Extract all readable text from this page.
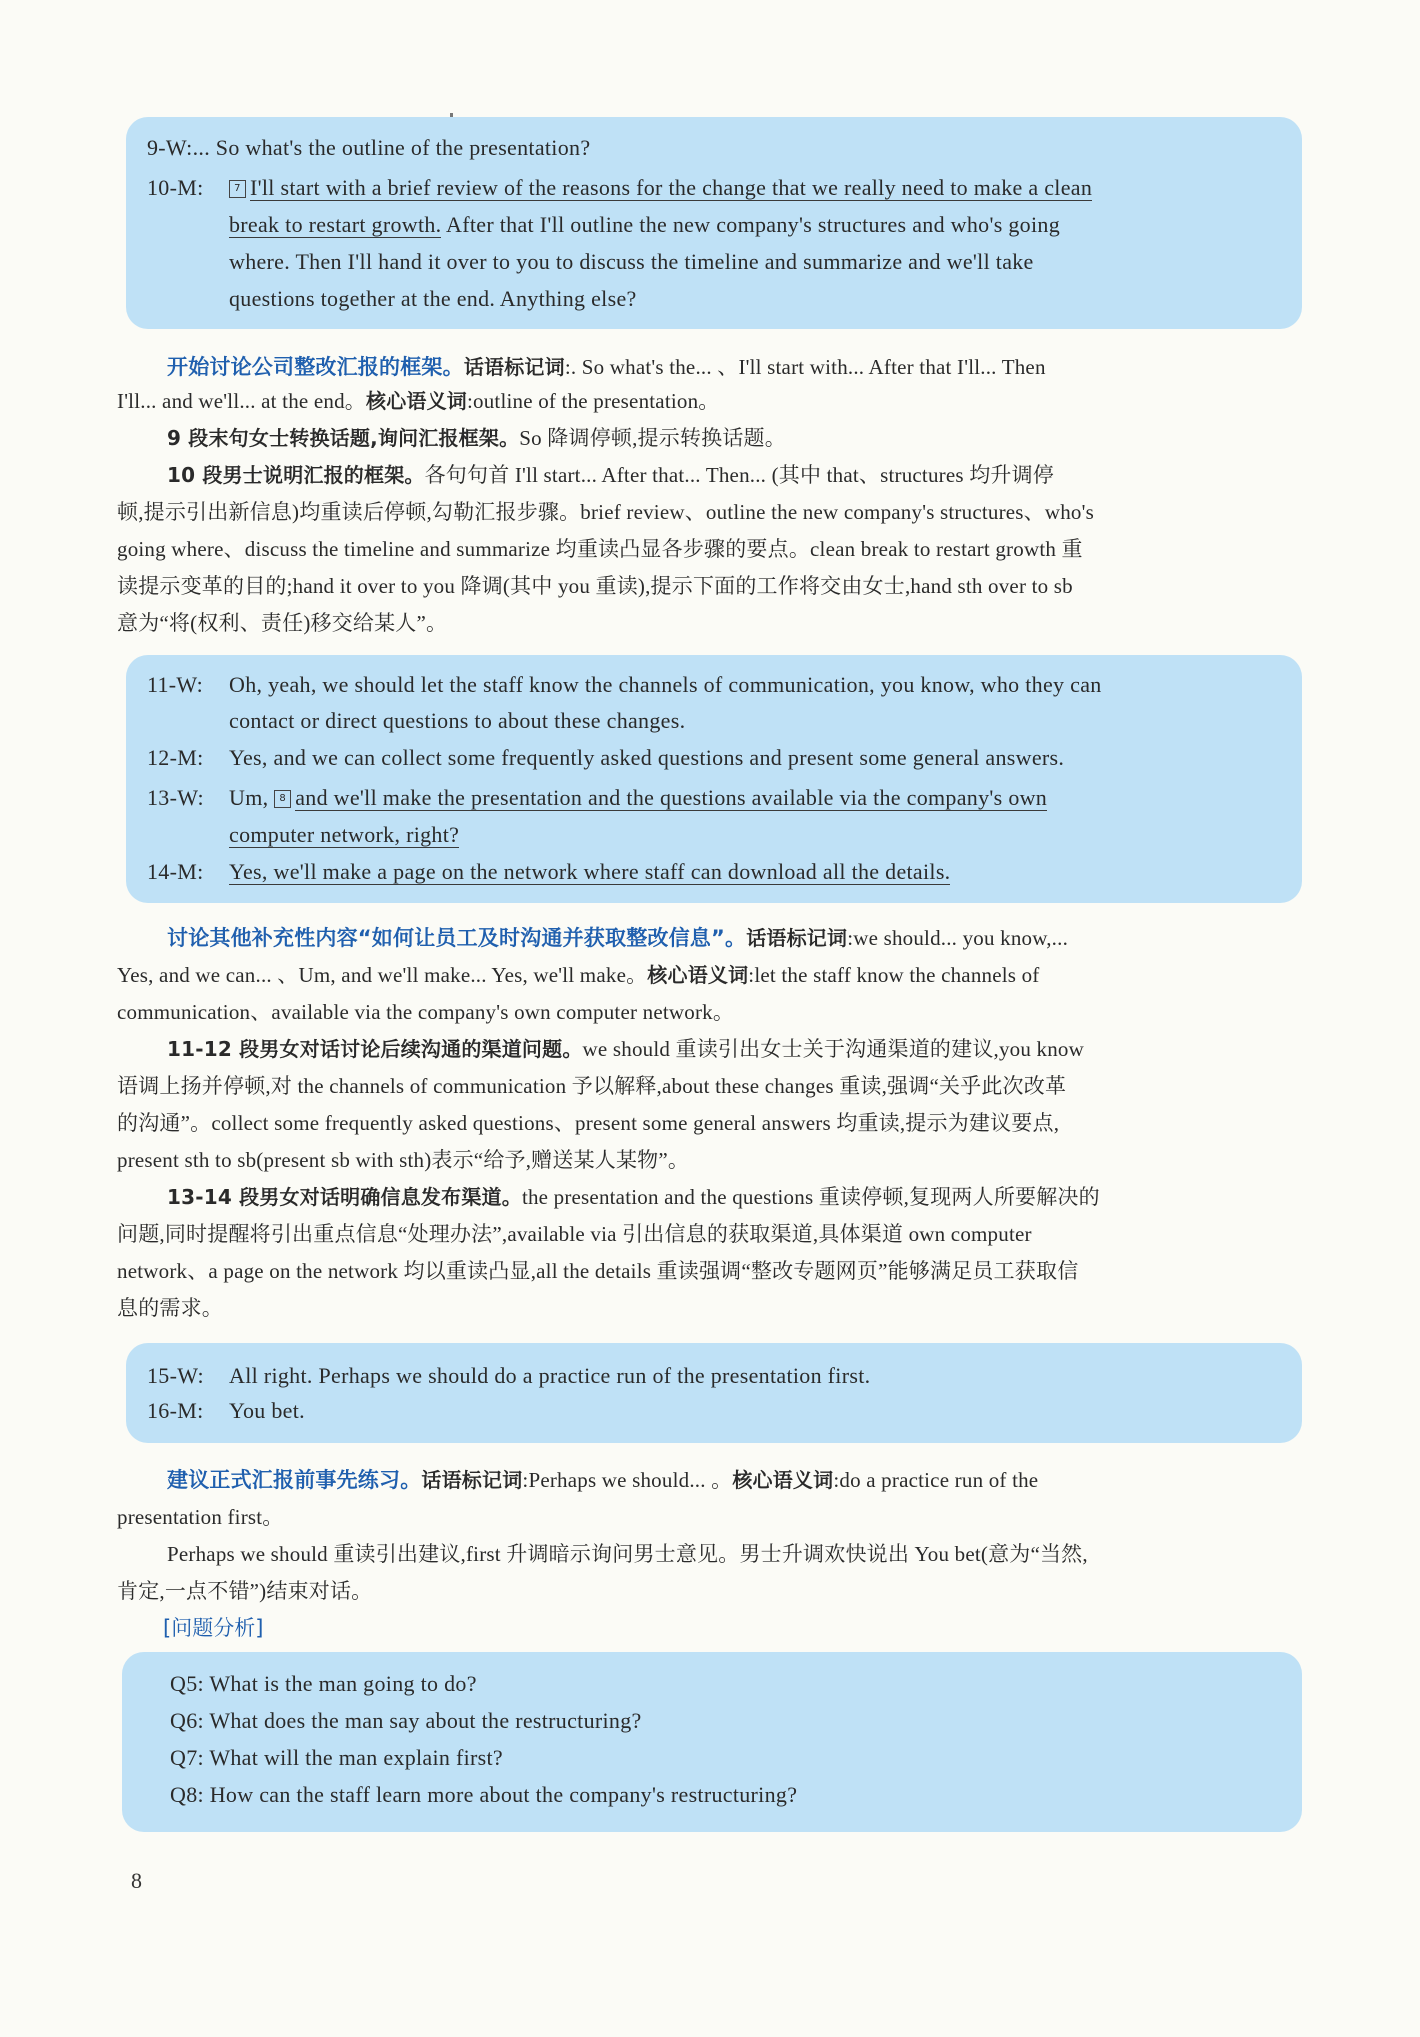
9-W:... So what's the outline of the presentation?
10-M:	7 I'll start with a brief review of the reasons for the change that we really need to make a clean
break to restart growth. After that I'll outline the new company's structures and who's going
where. Then I'll hand it over to you to discuss the timeline and summarize and we'll take
questions together at the end. Anything else?
开始讨论公司整改汇报的框架。话语标记词:. So what's the... 、I'll start with... After that I'll... Then
I'll... and we'll... at the end。核心语义词:outline of the presentation。
9 段末句女士转换话题,询问汇报框架。So 降调停顿,提示转换话题。
10 段男士说明汇报的框架。各句句首 I'll start... After that... Then... (其中 that、structures 均升调停
顿,提示引出新信息)均重读后停顿,勾勒汇报步骤。brief review、outline the new company's structures、who's
going where、discuss the timeline and summarize 均重读凸显各步骤的要点。clean break to restart growth 重
读提示变革的目的;hand it over to you 降调(其中 you 重读),提示下面的工作将交由女士,hand sth over to sb
意为“将(权利、责任)移交给某人”。
11-W: Oh, yeah, we should let the staff know the channels of communication, you know, who they can
contact or direct questions to about these changes.
12-M: Yes, and we can collect some frequently asked questions and present some general answers.
13-W: Um, 8 and we'll make the presentation and the questions available via the company's own
computer network, right?
14-M: Yes, we'll make a page on the network where staff can download all the details.
讨论其他补充性内容“如何让员工及时沟通并获取整改信息”。话语标记词:we should... you know,...
Yes, and we can... 、Um, and we'll make... Yes, we'll make。核心语义词:let the staff know the channels of
communication、available via the company's own computer network。
11-12 段男女对话讨论后续沟通的渠道问题。we should 重读引出女士关于沟通渠道的建议,you know
语调上扬并停顿,对 the channels of communication 予以解释,about these changes 重读,强调“关乎此次改革
的沟通”。collect some frequently asked questions、present some general answers 均重读,提示为建议要点,
present sth to sb(present sb with sth)表示“给予,赠送某人某物”。
13-14 段男女对话明确信息发布渠道。the presentation and the questions 重读停顿,复现两人所要解决的
问题,同时提醒将引出重点信息“处理办法”,available via 引出信息的获取渠道,具体渠道 own computer
network、a page on the network 均以重读凸显,all the details 重读强调“整改专题网页”能够满足员工获取信
息的需求。
15-W: All right. Perhaps we should do a practice run of the presentation first.
16-M: You bet.
建议正式汇报前事先练习。话语标记词:Perhaps we should... 。核心语义词:do a practice run of the
presentation first。
Perhaps we should 重读引出建议,first 升调暗示询问男士意见。男士升调欢快说出 You bet(意为“当然,
肯定,一点不错”)结束对话。
[问题分析]
Q5: What is the man going to do?
Q6: What does the man say about the restructuring?
Q7: What will the man explain first?
Q8: How can the staff learn more about the company's restructuring?
8
